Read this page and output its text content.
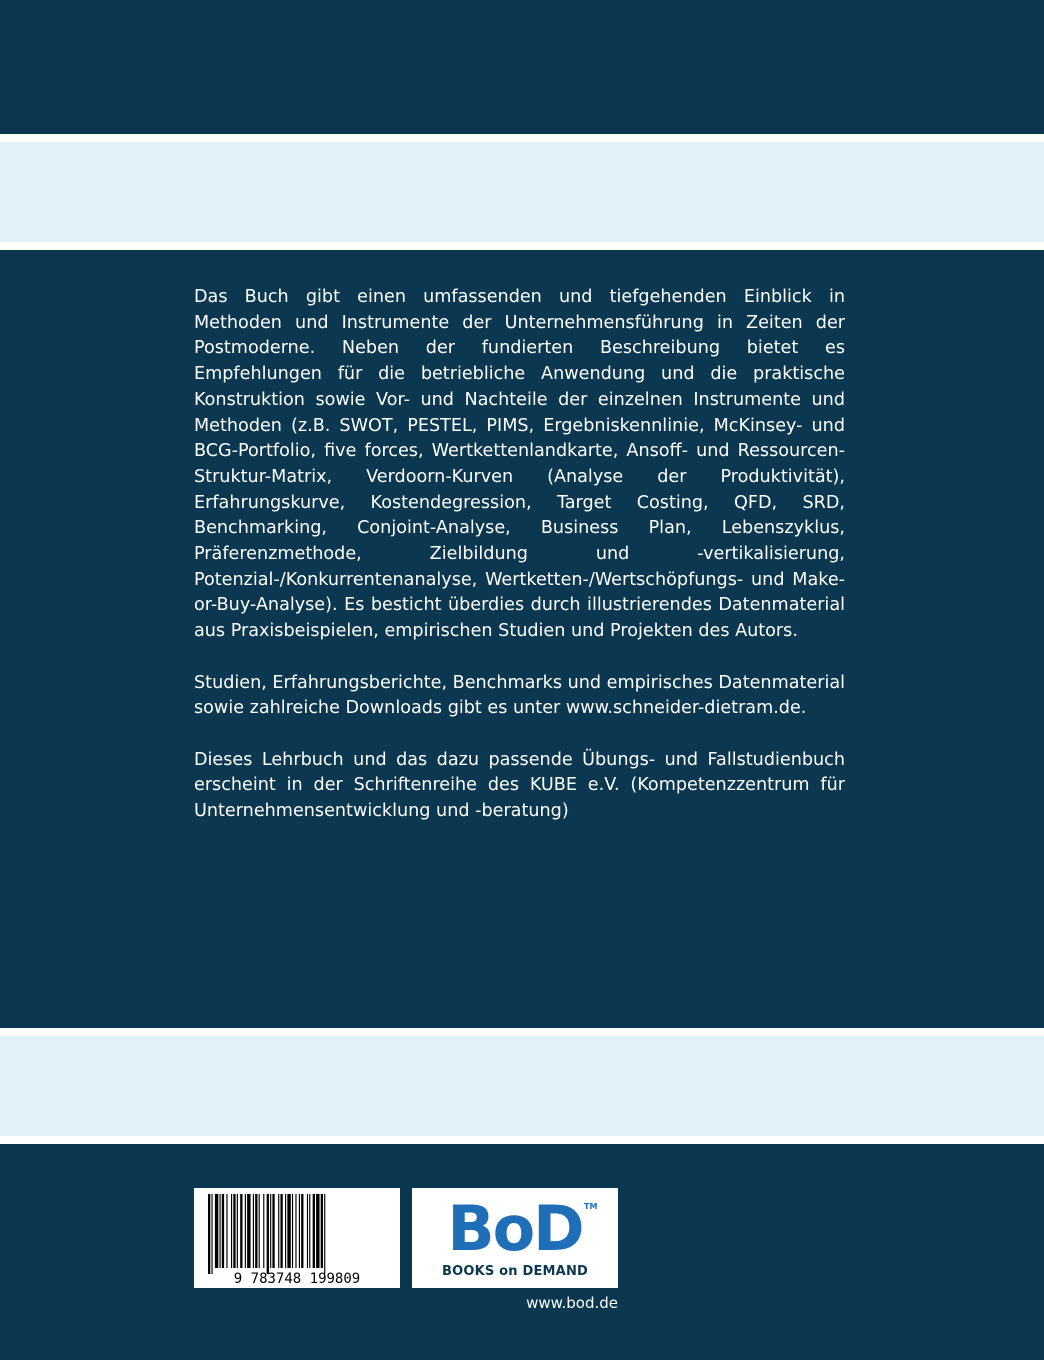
Das Buch gibt einen umfassenden und tiefgehenden Einblick in Methoden und Instrumente der Unternehmensführung in Zeiten der Postmoderne. Neben der fundierten Beschreibung bietet es Empfehlungen für die betriebliche Anwendung und die praktische Konstruktion sowie Vor- und Nachteile der einzelnen Instrumente und Methoden (z.B. SWOT, PESTEL, PIMS, Ergebniskennlinie, McKinsey- und BCG-Portfolio, five forces, Wertkettenlandkarte, Ansoff- und Ressourcen-Struktur-Matrix, Verdoorn-Kurven (Analyse der Produktivität), Erfahrungskurve, Kostendegression, Target Costing, QFD, SRD, Benchmarking, Conjoint-Analyse, Business Plan, Lebenszyklus, Präferenzmethode, Zielbildung und -vertikalisierung, Potenzial-/Konkurrentenanalyse, Wertketten-/Wertschöpfungs- und Make-or-Buy-Analyse). Es besticht überdies durch illustrierendes Datenmaterial aus Praxisbeispielen, empirischen Studien und Projekten des Autors.

Studien, Erfahrungsberichte, Benchmarks und empirisches Datenmaterial sowie zahlreiche Downloads gibt es unter www.schneider-dietram.de.

Dieses Lehrbuch und das dazu passende Übungs- und Fallstudienbuch erscheint in der Schriftenreihe des KUBE e.V. (Kompetenzzentrum für Unternehmensentwicklung und -beratung)

9 783748 199809
BoD TM
BOOKS on DEMAND
www.bod.de
